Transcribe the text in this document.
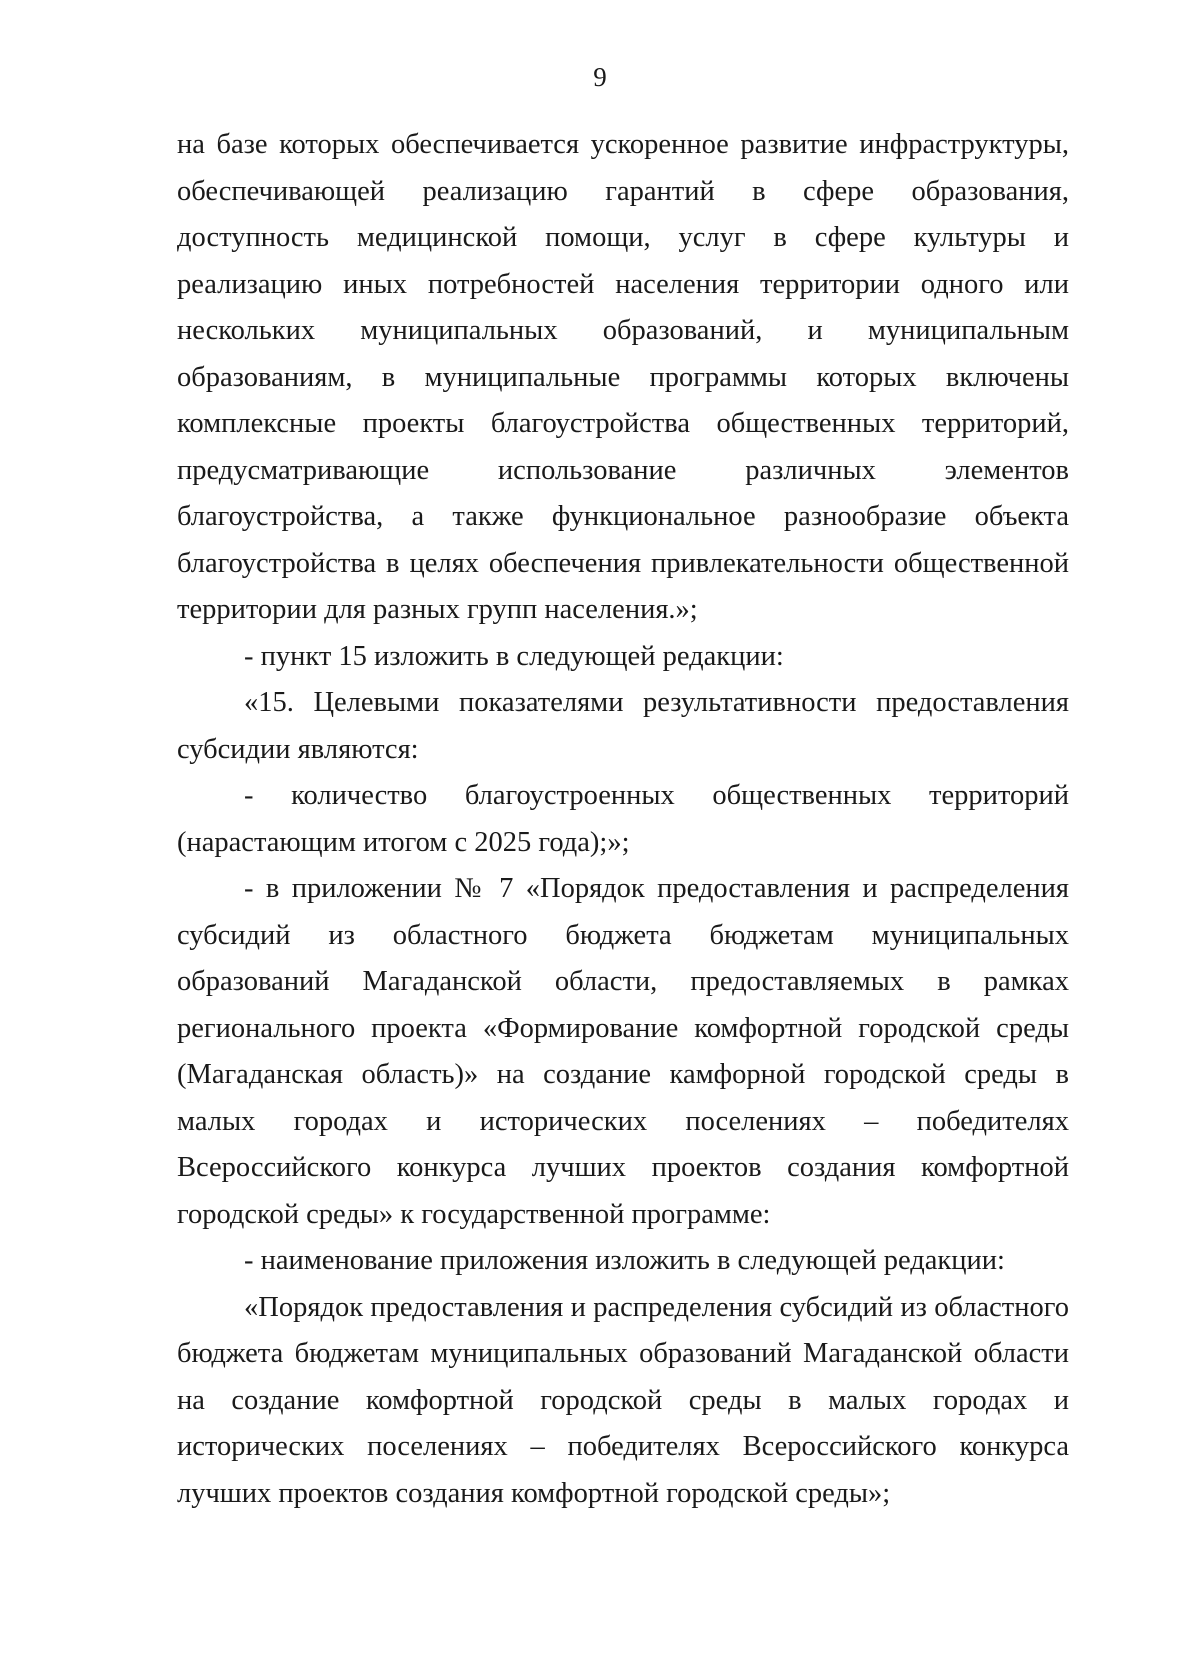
9

на базе которых обеспечивается ускоренное развитие инфраструктуры, обеспечивающей реализацию гарантий в сфере образования, доступность медицинской помощи, услуг в сфере культуры и реализацию иных потребностей населения территории одного или нескольких муниципальных образований, и муниципальным образованиям, в муниципальные программы которых включены комплексные проекты благоустройства общественных территорий, предусматривающие использование различных элементов благоустройства, а также функциональное разнообразие объекта благоустройства в целях обеспечения привлекательности общественной территории для разных групп населения.»;

- пункт 15 изложить в следующей редакции:

«15. Целевыми показателями результативности предоставления субсидии являются:

- количество благоустроенных общественных территорий (нарастающим итогом с 2025 года);»;

- в приложении № 7 «Порядок предоставления и распределения субсидий из областного бюджета бюджетам муниципальных образований Магаданской области, предоставляемых в рамках регионального проекта «Формирование комфортной городской среды (Магаданская область)» на создание камфорной городской среды в малых городах и исторических поселениях – победителях Всероссийского конкурса лучших проектов создания комфортной городской среды» к государственной программе:

- наименование приложения изложить в следующей редакции:

«Порядок предоставления и распределения субсидий из областного бюджета бюджетам муниципальных образований Магаданской области на создание комфортной городской среды в малых городах и исторических поселениях – победителях Всероссийского конкурса лучших проектов создания комфортной городской среды»;
